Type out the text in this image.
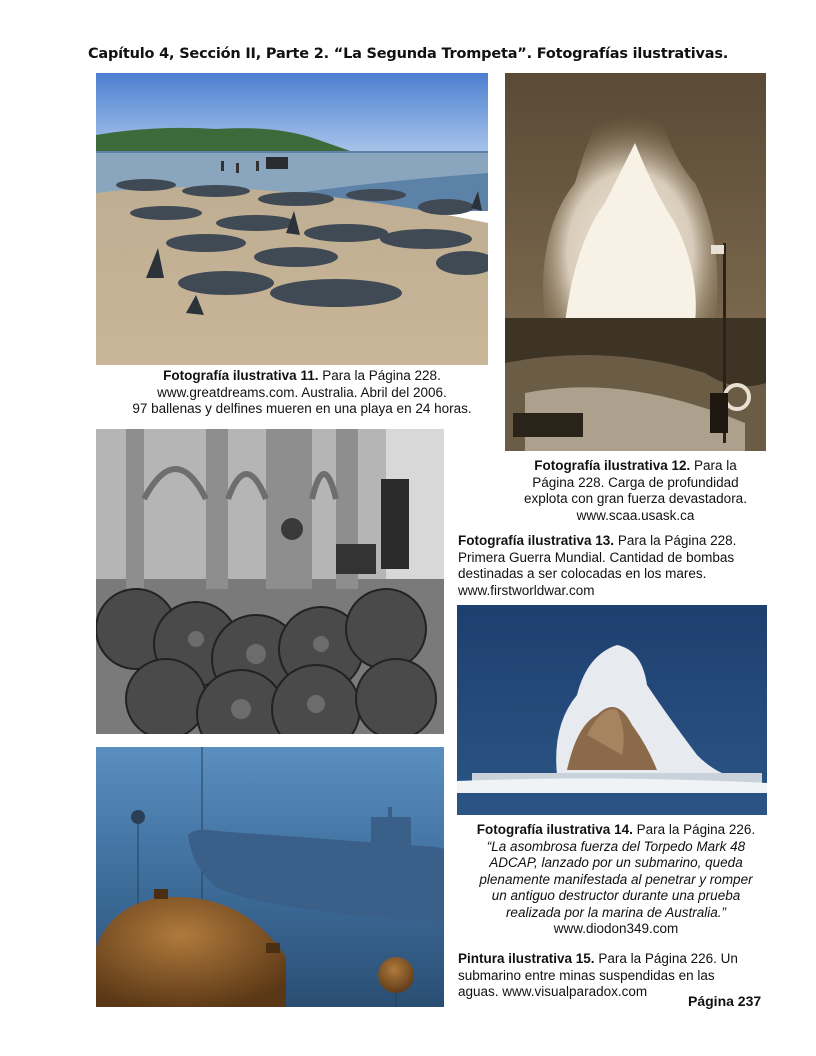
Capítulo 4, Sección II, Parte 2. “La Segunda Trompeta”. Fotografías ilustrativas.
Fotografía ilustrativa 11. Para la Página 228.
www.greatdreams.com. Australia. Abril del 2006.
97 ballenas y delfines mueren en una playa en 24 horas.
Fotografía ilustrativa 12. Para la
Página 228. Carga de profundidad
explota con gran fuerza devastadora.
www.scaa.usask.ca
Fotografía ilustrativa 13. Para la Página 228.
Primera Guerra Mundial. Cantidad de bombas
destinadas a ser colocadas en los mares.
www.firstworldwar.com
Fotografía ilustrativa 14. Para la Página 226.
“La asombrosa fuerza del Torpedo Mark 48
ADCAP, lanzado por un submarino, queda
plenamente manifestada al penetrar y romper
un antiguo destructor durante una prueba
realizada por la marina de Australia.”
www.diodon349.com
Pintura ilustrativa 15. Para la Página 226. Un
submarino entre minas suspendidas en las
aguas. www.visualparadox.com
Página 237
